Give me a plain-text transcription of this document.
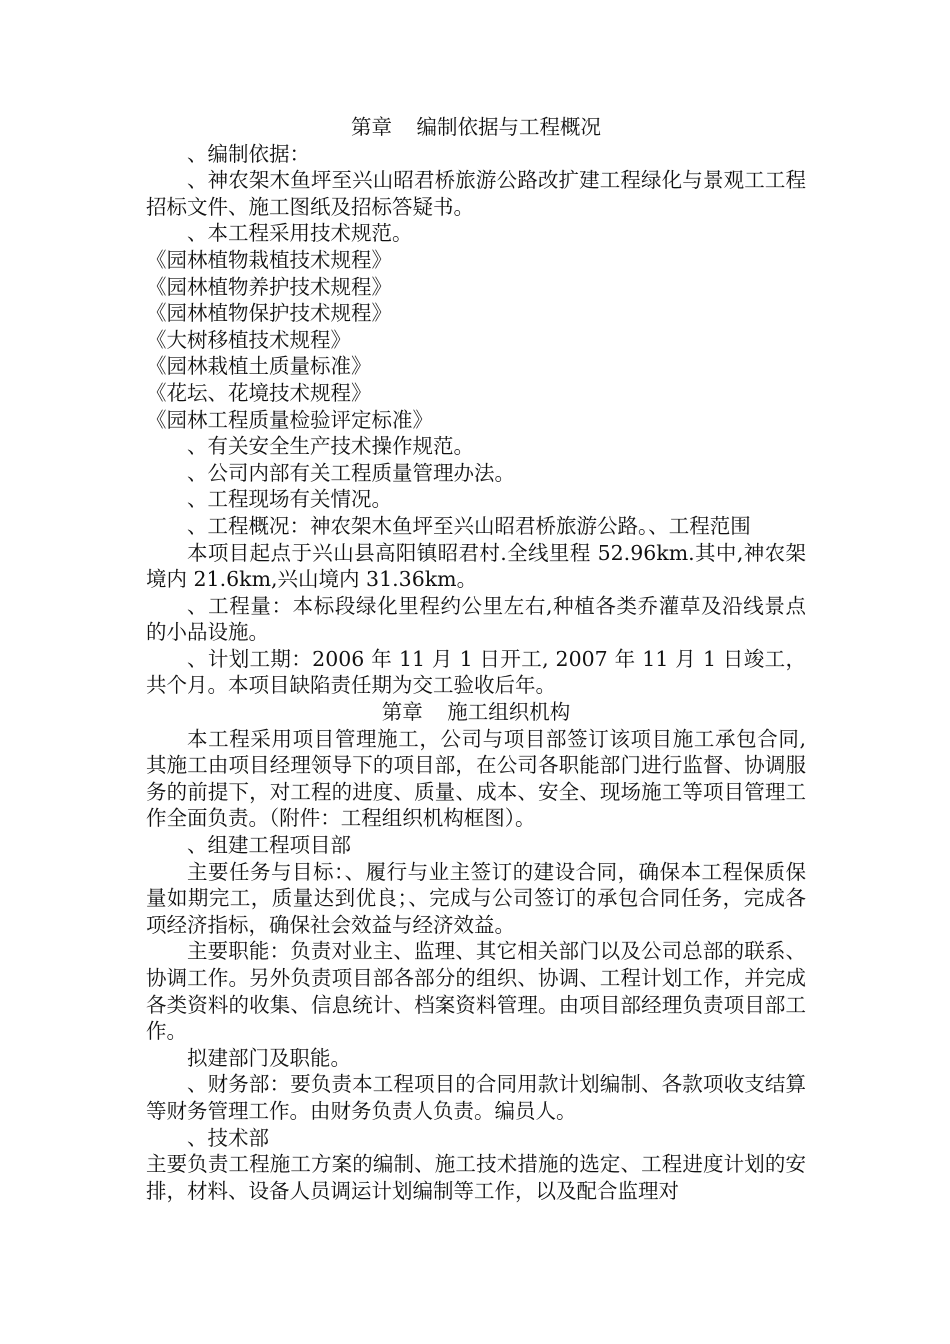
第章 编制依据与工程概况

、编制依据：

、神农架木鱼坪至兴山昭君桥旅游公路改扩建工程绿化与景观工工程招标文件、施工图纸及招标答疑书。

、本工程采用技术规范。

《园林植物栽植技术规程》

《园林植物养护技术规程》

《园林植物保护技术规程》

《大树移植技术规程》

《园林栽植土质量标准》

《花坛、花境技术规程》

《园林工程质量检验评定标准》

、有关安全生产技术操作规范。

、公司内部有关工程质量管理办法。

、工程现场有关情况。

、工程概况：神农架木鱼坪至兴山昭君桥旅游公路。、工程范围

本项目起点于兴山县高阳镇昭君村.全线里程 52.96km.其中,神农架境内 21.6km,兴山境内 31.36km。

、工程量：本标段绿化里程约公里左右,种植各类乔灌草及沿线景点的小品设施。

、计划工期：2006 年 11 月 1 日开工, 2007 年 11 月 1 日竣工，共个月。本项目缺陷责任期为交工验收后年。

第章 施工组织机构

本工程采用项目管理施工，公司与项目部签订该项目施工承包合同,其施工由项目经理领导下的项目部，在公司各职能部门进行监督、协调服务的前提下，对工程的进度、质量、成本、安全、现场施工等项目管理工作全面负责。（附件：工程组织机构框图）。

、组建工程项目部

主要任务与目标：、履行与业主签订的建设合同，确保本工程保质保量如期完工，质量达到优良；、完成与公司签订的承包合同任务，完成各项经济指标，确保社会效益与经济效益。

主要职能：负责对业主、监理、其它相关部门以及公司总部的联系、协调工作。另外负责项目部各部分的组织、协调、工程计划工作，并完成各类资料的收集、信息统计、档案资料管理。由项目部经理负责项目部工作。

拟建部门及职能。

、财务部：要负责本工程项目的合同用款计划编制、各款项收支结算等财务管理工作。由财务负责人负责。编员人。

、技术部

主要负责工程施工方案的编制、施工技术措施的选定、工程进度计划的安排，材料、设备人员调运计划编制等工作，以及配合监理对
